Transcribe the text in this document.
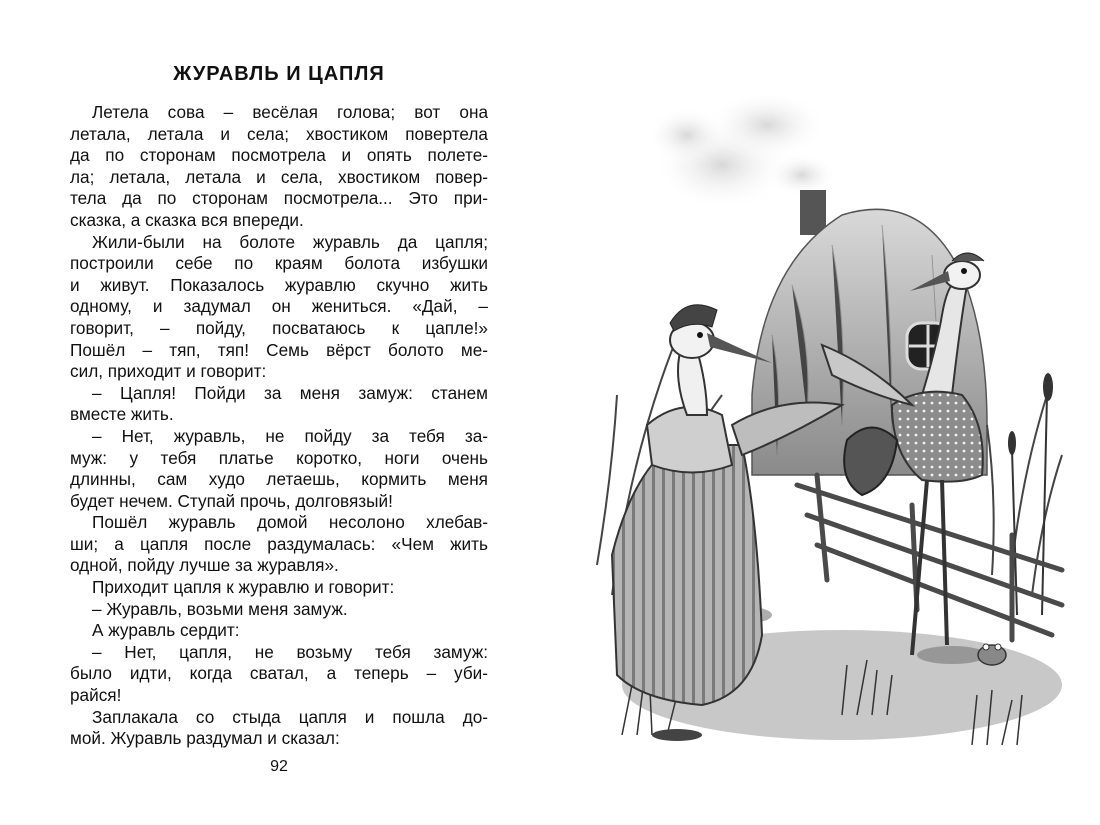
ЖУРАВЛЬ И ЦАПЛЯ
Летела сова – весёлая голова; вот она
летала, летала и села; хвостиком повертела
да по сторонам посмотрела и опять полете-
ла; летала, летала и села, хвостиком повер-
тела да по сторонам посмотрела... Это при-
сказка, а сказка вся впереди.
Жили-были на болоте журавль да цапля;
построили себе по краям болота избушки
и живут. Показалось журавлю скучно жить
одному, и задумал он жениться. «Дай, –
говорит, – пойду, посватаюсь к цапле!»
Пошёл – тяп, тяп! Семь вёрст болото ме-
сил, приходит и говорит:
– Цапля! Пойди за меня замуж: станем
вместе жить.
– Нет, журавль, не пойду за тебя за-
муж: у тебя платье коротко, ноги очень
длинны, сам худо летаешь, кормить меня
будет нечем. Ступай прочь, долговязый!
Пошёл журавль домой несолоно хлебав-
ши; а цапля после раздумалась: «Чем жить
одной, пойду лучше за журавля».
Приходит цапля к журавлю и говорит:
– Журавль, возьми меня замуж.
А журавль сердит:
– Нет, цапля, не возьму тебя замуж:
было идти, когда сватал, а теперь – уби-
райся!
Заплакала со стыда цапля и пошла до-
мой. Журавль раздумал и сказал:
92
